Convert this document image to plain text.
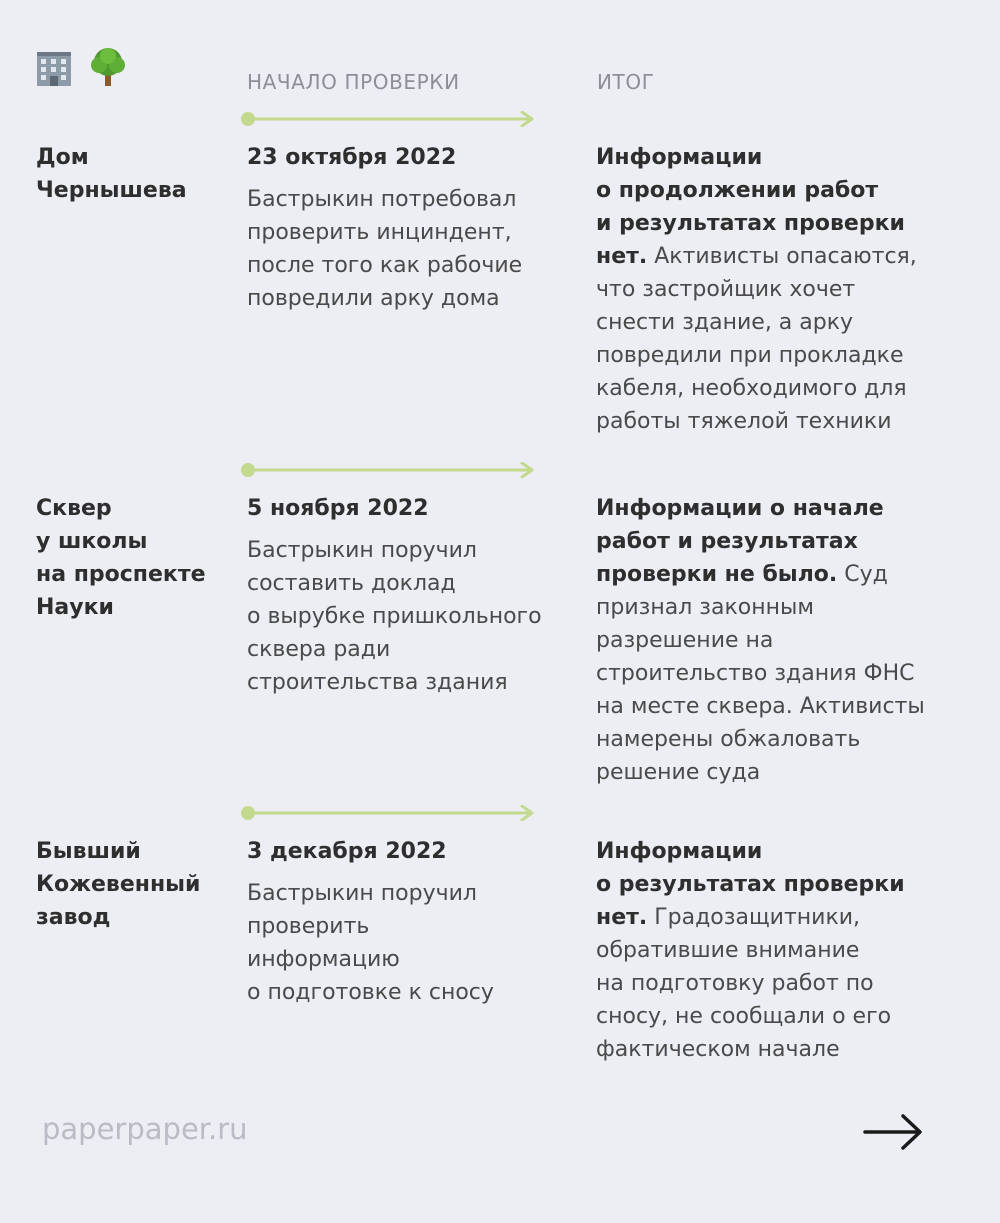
НАЧАЛО ПРОВЕРКИ	ИТОГ

Дом
Чернышева

23 октября 2022

Бастрыкин потребовал
проверить инциндент,
после того как рабочие
повредили арку дома

Информации
о продолжении работ
и результатах проверки
нет. Активисты опасаются,
что застройщик хочет
снести здание, а арку
повредили при прокладке
кабеля, необходимого для
работы тяжелой техники

Сквер
у школы
на проспекте
Науки

5 ноября 2022

Бастрыкин поручил
составить доклад
о вырубке пришкольного
сквера ради
строительства здания

Информации о начале
работ и результатах
проверки не было. Суд
признал законным
разрешение на
строительство здания ФНС
на месте сквера. Активисты
намерены обжаловать
решение суда

Бывший
Кожевенный
завод

3 декабря 2022

Бастрыкин поручил
проверить
информацию
о подготовке к сносу

Информации
о результатах проверки
нет. Градозащитники,
обратившие внимание
на подготовку работ по
сносу, не сообщали о его
фактическом начале

paperpaper.ru
